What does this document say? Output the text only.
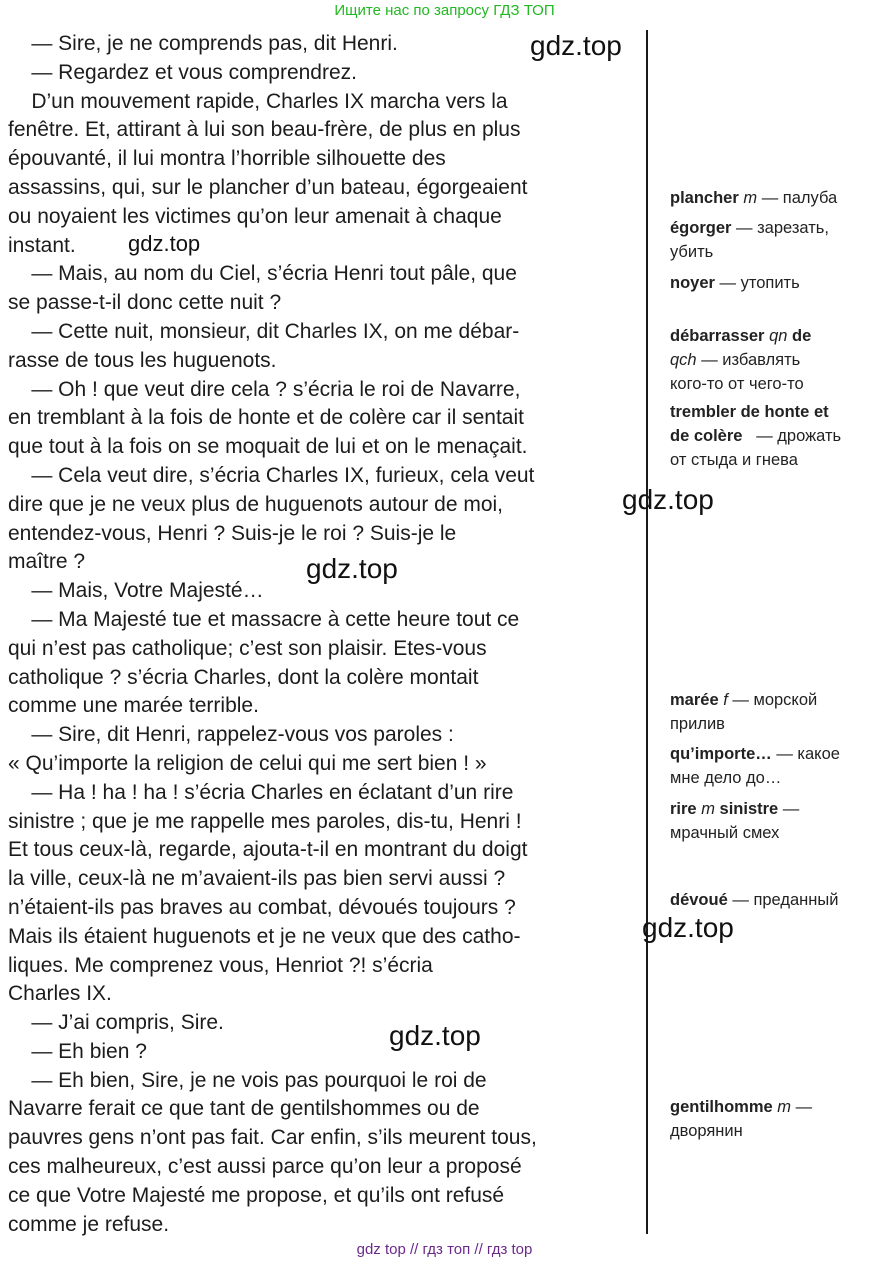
Ищите нас по запросу ГДЗ ТОП
— Sire, je ne comprends pas, dit Henri.
— Regardez et vous comprendrez.
D’un mouvement rapide, Charles IX marcha vers la
fenêtre. Et, attirant à lui son beau-frère, de plus en plus
épouvanté, il lui montra l’horrible silhouette des
assassins, qui, sur le plancher d’un bateau, égorgeaient
ou noyaient les victimes qu’on leur amenait à chaque
instant.
— Mais, au nom du Ciel, s’écria Henri tout pâle, que
se passe-t-il donc cette nuit ?
— Cette nuit, monsieur, dit Charles IX, on me débar-
rasse de tous les huguenots.
— Oh ! que veut dire cela ? s’écria le roi de Navarre,
en tremblant à la fois de honte et de colère car il sentait
que tout à la fois on se moquait de lui et on le menaçait.
— Cela veut dire, s’écria Charles IX, furieux, cela veut
dire que je ne veux plus de huguenots autour de moi,
entendez-vous, Henri ? Suis-je le roi ? Suis-je le
maître ?
— Mais, Votre Majesté…
— Ma Majesté tue et massacre à cette heure tout ce
qui n’est pas catholique; c’est son plaisir. Etes-vous
catholique ? s’écria Charles, dont la colère montait
comme une marée terrible.
— Sire, dit Henri, rappelez-vous vos paroles :
« Qu’importe la religion de celui qui me sert bien ! »
— Ha ! ha ! ha ! s’écria Charles en éclatant d’un rire
sinistre ; que je me rappelle mes paroles, dis-tu, Henri !
Et tous ceux-là, regarde, ajouta-t-il en montrant du doigt
la ville, ceux-là ne m’avaient-ils pas bien servi aussi ?
n’étaient-ils pas braves au combat, dévoués toujours ?
Mais ils étaient huguenots et je ne veux que des catho-
liques. Me comprenez vous, Henriot ?! s’écria
Charles IX.
— J’ai compris, Sire.
— Eh bien ?
— Eh bien, Sire, je ne vois pas pourquoi le roi de
Navarre ferait ce que tant de gentilshommes ou de
pauvres gens n’ont pas fait. Car enfin, s’ils meurent tous,
ces malheureux, c’est aussi parce qu’on leur a proposé
ce que Votre Majesté me propose, et qu’ils ont refusé
comme je refuse.
gdz.top
gdz.top
gdz.top
gdz.top
gdz.top
gdz.top
plancher m — палуба
égorger — зарезать,
убить
noyer — утопить
débarrasser qn de
qch — избавлять
кого-то от чего-то
trembler de honte et
de colère   — дрожать
от стыда и гнева
marée f — морской
прилив
qu’importe… — какое
мне дело до…
rire m sinistre —
мрачный смех
dévoué — преданный
gentilhomme m —
дворянин
gdz top // гдз топ // гдз top
